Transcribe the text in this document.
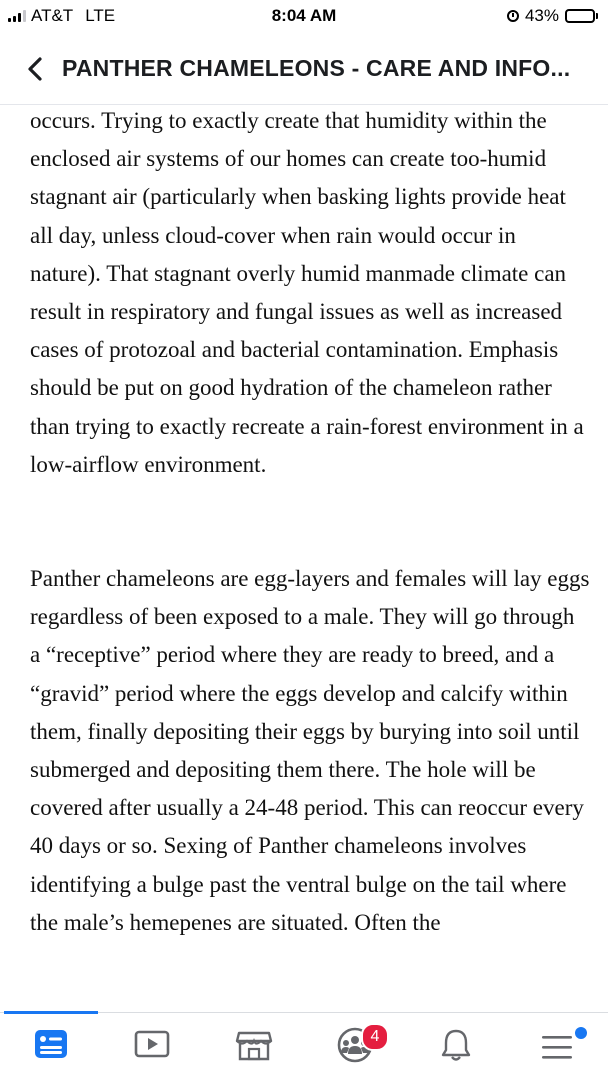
AT&T LTE	8:04 AM	43%
PANTHER CHAMELEONS - CARE AND INFO...

occurs. Trying to exactly create that humidity within the enclosed air systems of our homes can create too-humid stagnant air (particularly when basking lights provide heat all day, unless cloud-cover when rain would occur in nature). That stagnant overly humid manmade climate can result in respiratory and fungal issues as well as increased cases of protozoal and bacterial contamination. Emphasis should be put on good hydration of the chameleon rather than trying to exactly recreate a rain-forest environment in a low-airflow environment.

Panther chameleons are egg-layers and females will lay eggs regardless of been exposed to a male. They will go through a “receptive” period where they are ready to breed, and a “gravid” period where the eggs develop and calcify within them, finally depositing their eggs by burying into soil until submerged and depositing them there. The hole will be covered after usually a 24-48 period. This can reoccur every 40 days or so. Sexing of Panther chameleons involves identifying a bulge past the ventral bulge on the tail where the male’s hemepenes are situated. Often the

4
